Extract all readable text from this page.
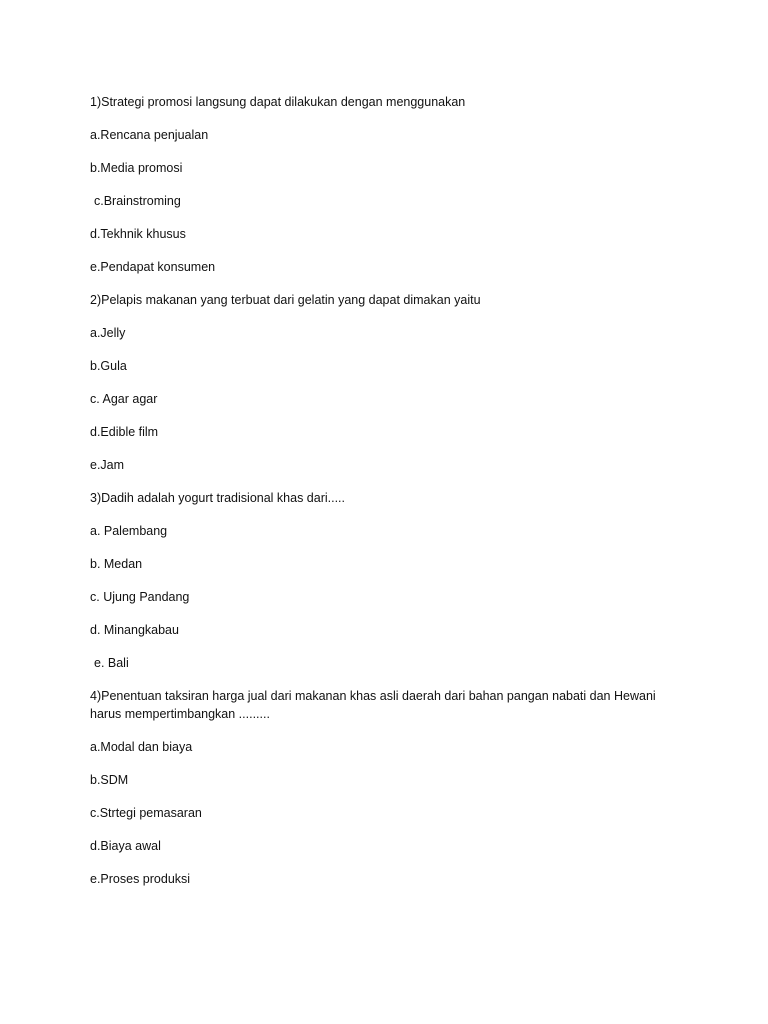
1)Strategi promosi langsung dapat dilakukan dengan menggunakan
a.Rencana penjualan
b.Media promosi
c.Brainstroming
d.Tekhnik khusus
e.Pendapat konsumen
2)Pelapis makanan yang terbuat dari gelatin yang dapat dimakan yaitu
a.Jelly
b.Gula
c. Agar agar
d.Edible film
e.Jam
3)Dadih adalah yogurt tradisional khas dari.....
a. Palembang
b. Medan
c. Ujung Pandang
d. Minangkabau
e. Bali
4)Penentuan taksiran harga jual dari makanan khas asli daerah dari bahan pangan nabati dan Hewani harus mempertimbangkan .........
a.Modal dan biaya
b.SDM
c.Strtegi pemasaran
d.Biaya awal
e.Proses produksi
